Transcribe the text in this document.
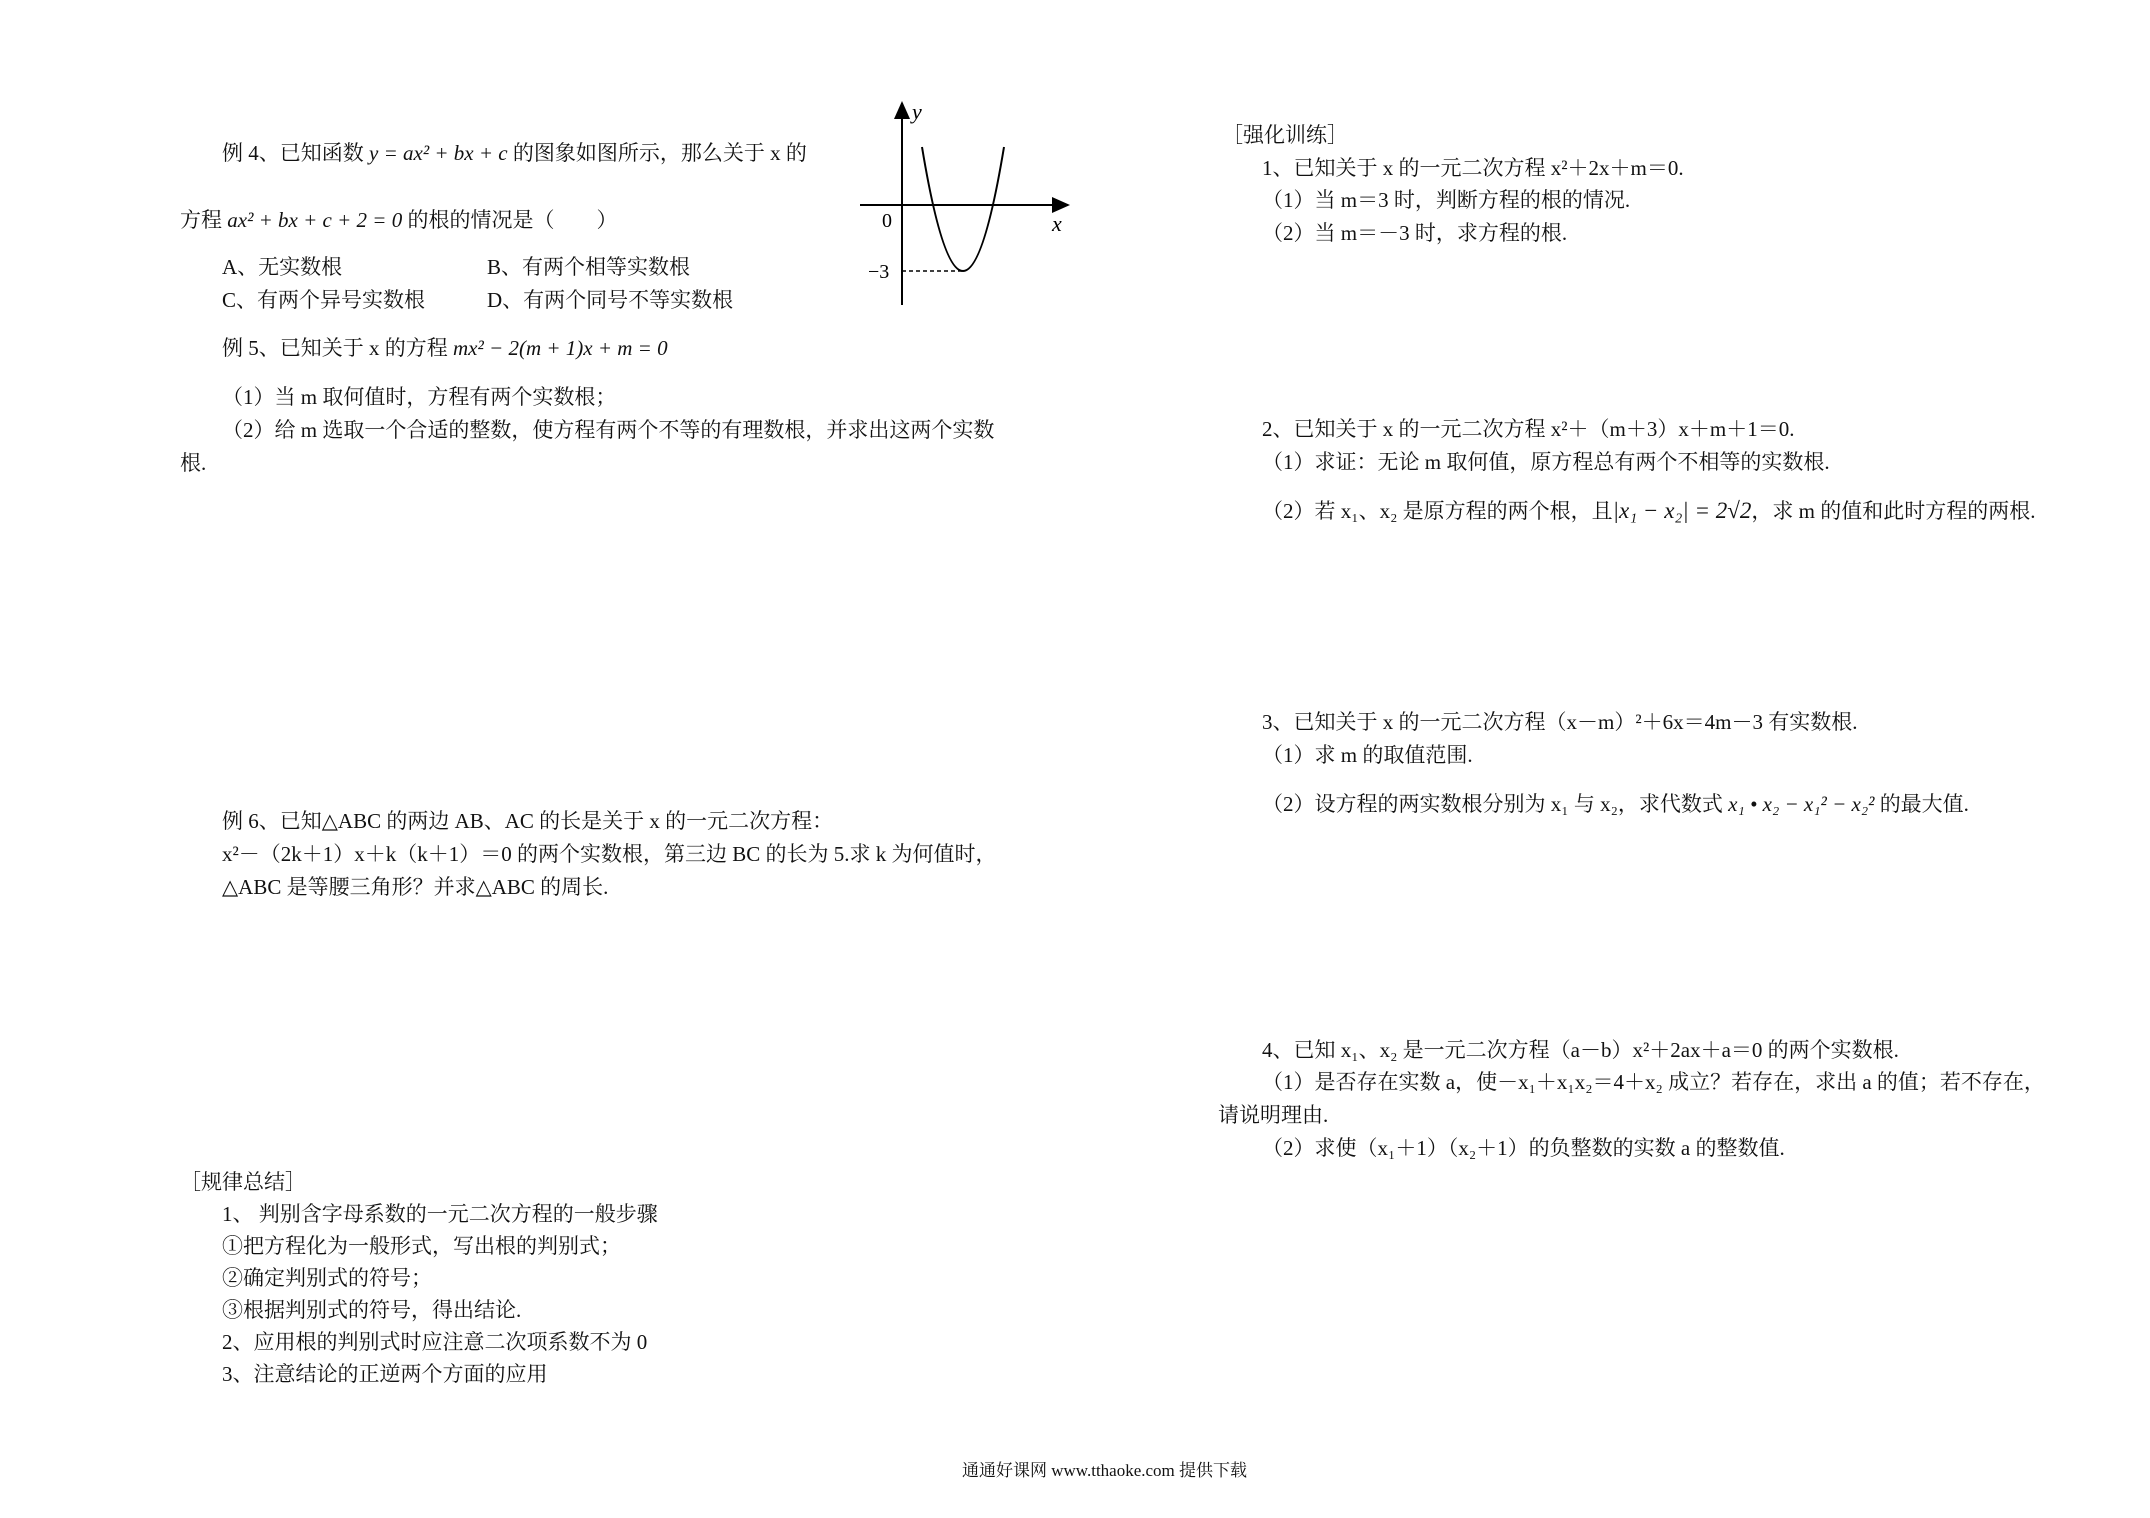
例 4、已知函数 y = ax² + bx + c 的图象如图所示，那么关于 x 的
方程 ax² + bx + c + 2 = 0 的根的情况是（　　）
A、无实数根	B、有两个相等实数根
C、有两个异号实数根	D、有两个同号不等实数根
y
x
0
−3
例 5、已知关于 x 的方程 mx² − 2(m + 1)x + m = 0
（1）当 m 取何值时，方程有两个实数根；
（2）给 m 选取一个合适的整数，使方程有两个不等的有理数根，并求出这两个实数
根.
例 6、已知△ABC 的两边 AB、AC 的长是关于 x 的一元二次方程：
x²－（2k＋1）x＋k（k＋1）＝0 的两个实数根，第三边 BC 的长为 5.求 k 为何值时，
△ABC 是等腰三角形？并求△ABC 的周长.
［规律总结］
1、 判别含字母系数的一元二次方程的一般步骤
①把方程化为一般形式，写出根的判别式；
②确定判别式的符号；
③根据判别式的符号，得出结论.
2、应用根的判别式时应注意二次项系数不为 0
3、注意结论的正逆两个方面的应用
［强化训练］
1、已知关于 x 的一元二次方程 x²＋2x＋m＝0.
（1）当 m＝3 时，判断方程的根的情况.
（2）当 m＝－3 时，求方程的根.
2、已知关于 x 的一元二次方程 x²＋（m＋3）x＋m＋1＝0.
（1）求证：无论 m 取何值，原方程总有两个不相等的实数根.
（2）若 x₁、x₂ 是原方程的两个根，且|x₁ − x₂| = 2√2，求 m 的值和此时方程的两根.
3、已知关于 x 的一元二次方程（x－m）²＋6x＝4m－3 有实数根.
（1）求 m 的取值范围.
（2）设方程的两实数根分别为 x₁ 与 x₂，求代数式 x₁ • x₂ − x₁² − x₂² 的最大值.
4、已知 x₁、x₂ 是一元二次方程（a－b）x²＋2ax＋a＝0 的两个实数根.
（1）是否存在实数 a，使－x₁＋x₁x₂＝4＋x₂ 成立？若存在，求出 a 的值；若不存在，
请说明理由.
（2）求使（x₁＋1）（x₂＋1）的负整数的实数 a 的整数值.
通通好课网 www.tthaoke.com 提供下载
